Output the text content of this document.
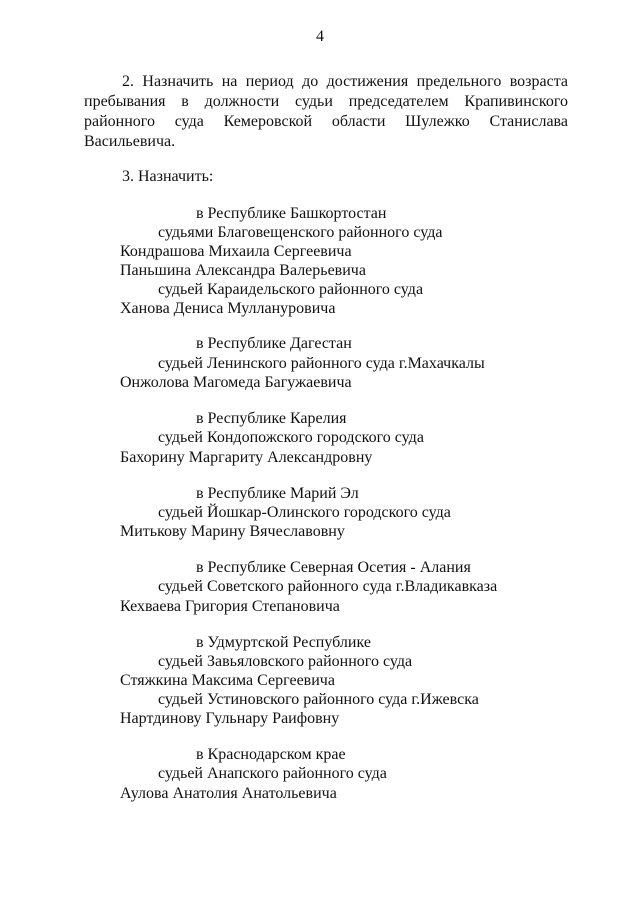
4
2. Назначить на период до достижения предельного возраста
пребывания в должности судьи председателем Крапивинского
районного суда Кемеровской области Шулежко Станислава
Васильевича.
3. Назначить:
в Республике Башкортостан
судьями Благовещенского районного суда
Кондрашова Михаила Сергеевича
Паньшина Александра Валерьевича
судьей Караидельского районного суда
Ханова Дениса Муллануровича
в Республике Дагестан
судьей Ленинского районного суда г.Махачкалы
Онжолова Магомеда Багужаевича
в Республике Карелия
судьей Кондопожского городского суда
Бахорину Маргариту Александровну
в Республике Марий Эл
судьей Йошкар-Олинского городского суда
Митькову Марину Вячеславовну
в Республике Северная Осетия - Алания
судьей Советского районного суда г.Владикавказа
Кехваева Григория Степановича
в Удмуртской Республике
судьей Завьяловского районного суда
Стяжкина Максима Сергеевича
судьей Устиновского районного суда г.Ижевска
Нартдинову Гульнару Раифовну
в Краснодарском крае
судьей Анапского районного суда
Аулова Анатолия Анатольевича
